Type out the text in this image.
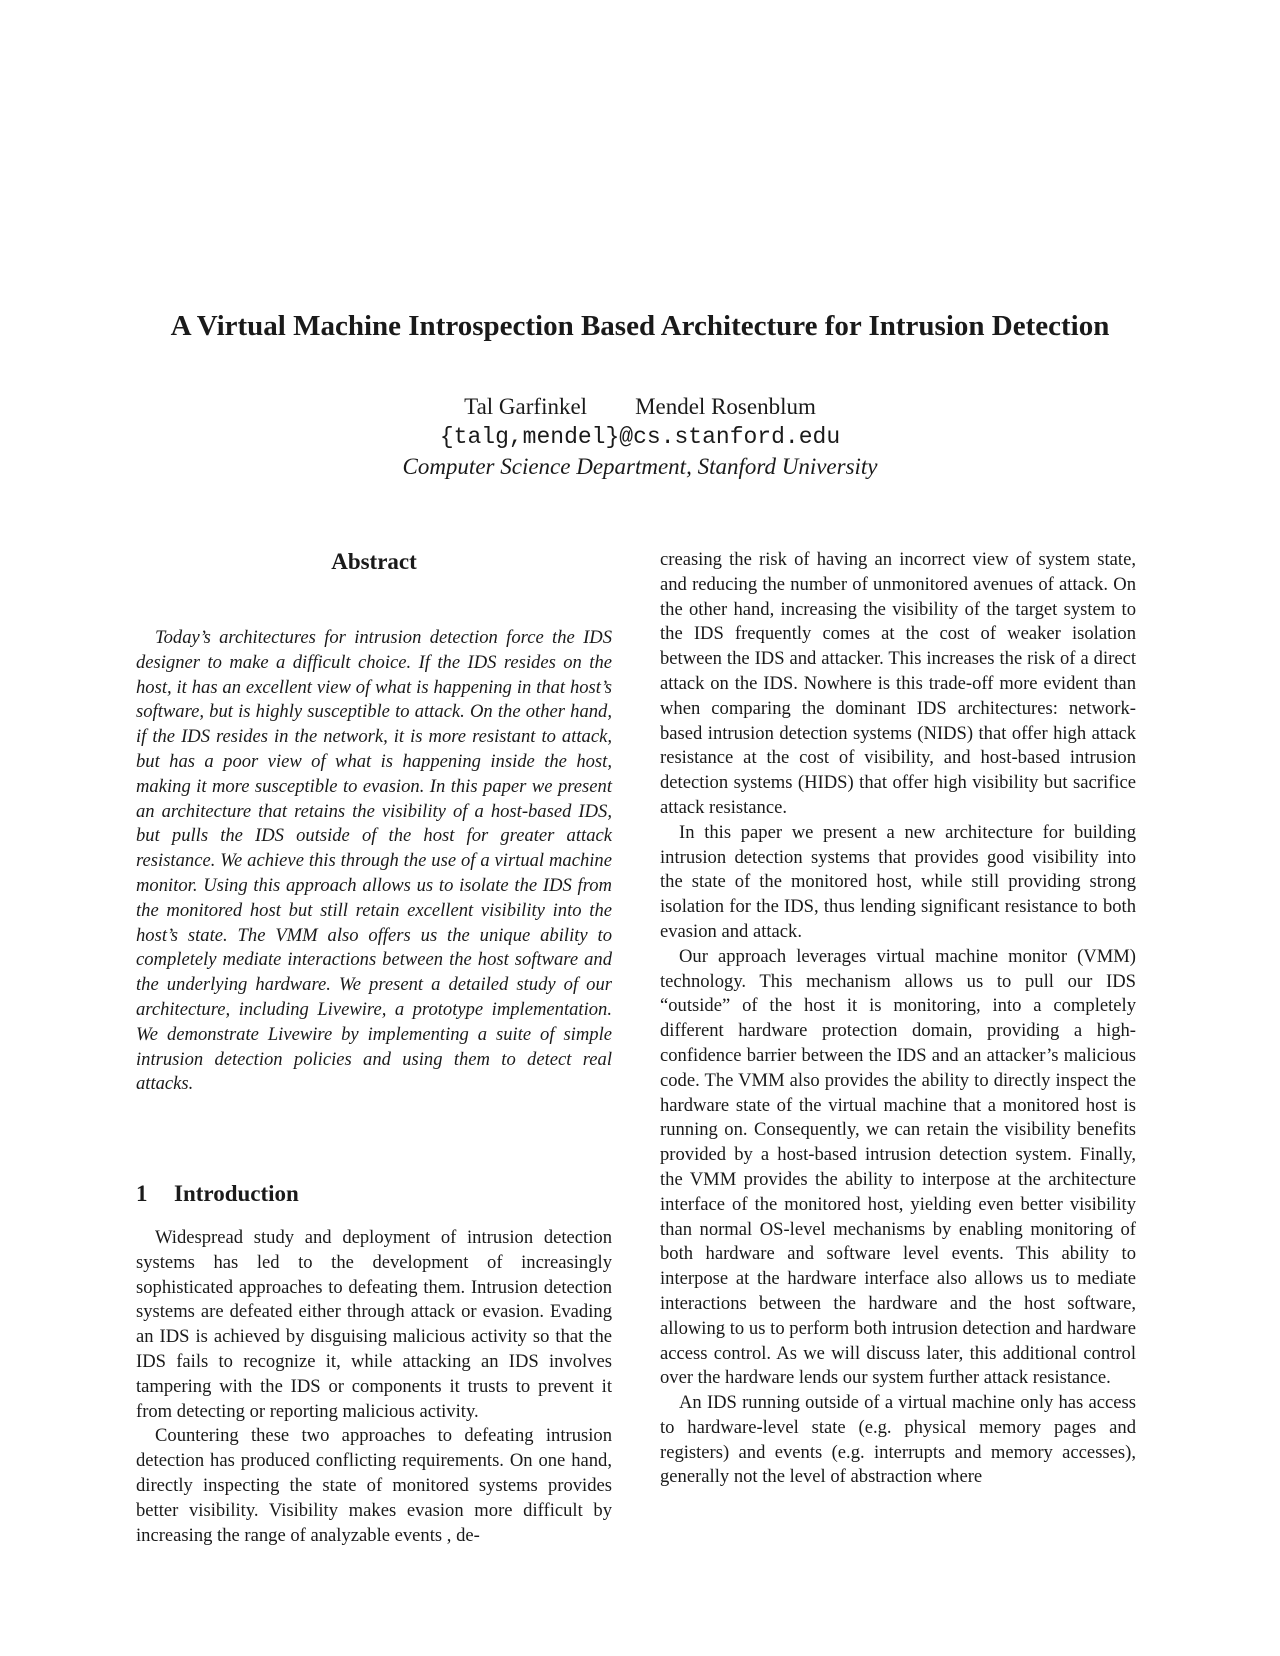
A Virtual Machine Introspection Based Architecture for Intrusion Detection
Tal Garfinkel Mendel Rosenblum
{talg,mendel}@cs.stanford.edu
Computer Science Department, Stanford University
Abstract

Today’s architectures for intrusion detection force the IDS designer to make a difficult choice. If the IDS resides on the host, it has an excellent view of what is happening in that host’s software, but is highly susceptible to attack. On the other hand, if the IDS resides in the network, it is more resistant to attack, but has a poor view of what is happening inside the host, making it more susceptible to evasion. In this paper we present an architecture that retains the visibility of a host-based IDS, but pulls the IDS outside of the host for greater attack resistance. We achieve this through the use of a virtual machine monitor. Using this approach allows us to isolate the IDS from the monitored host but still retain excellent visibility into the host’s state. The VMM also offers us the unique ability to completely mediate interactions between the host software and the underlying hardware. We present a detailed study of our architecture, including Livewire, a prototype implementation. We demonstrate Livewire by implementing a suite of simple intrusion detection policies and using them to detect real attacks.

1 Introduction

Widespread study and deployment of intrusion detection systems has led to the development of increasingly sophisticated approaches to defeating them. Intrusion detection systems are defeated either through attack or evasion. Evading an IDS is achieved by disguising malicious activity so that the IDS fails to recognize it, while attacking an IDS involves tampering with the IDS or components it trusts to prevent it from detecting or reporting malicious activity.

Countering these two approaches to defeating intrusion detection has produced conflicting requirements. On one hand, directly inspecting the state of monitored systems provides better visibility. Visibility makes evasion more difficult by increasing the range of analyzable events , de-

creasing the risk of having an incorrect view of system state, and reducing the number of unmonitored avenues of attack. On the other hand, increasing the visibility of the target system to the IDS frequently comes at the cost of weaker isolation between the IDS and attacker. This increases the risk of a direct attack on the IDS. Nowhere is this trade-off more evident than when comparing the dominant IDS architectures: network-based intrusion detection systems (NIDS) that offer high attack resistance at the cost of visibility, and host-based intrusion detection systems (HIDS) that offer high visibility but sacrifice attack resistance.

In this paper we present a new architecture for building intrusion detection systems that provides good visibility into the state of the monitored host, while still providing strong isolation for the IDS, thus lending significant resistance to both evasion and attack.

Our approach leverages virtual machine monitor (VMM) technology. This mechanism allows us to pull our IDS “outside” of the host it is monitoring, into a completely different hardware protection domain, providing a high-confidence barrier between the IDS and an attacker’s malicious code. The VMM also provides the ability to directly inspect the hardware state of the virtual machine that a monitored host is running on. Consequently, we can retain the visibility benefits provided by a host-based intrusion detection system. Finally, the VMM provides the ability to interpose at the architecture interface of the monitored host, yielding even better visibility than normal OS-level mechanisms by enabling monitoring of both hardware and software level events. This ability to interpose at the hardware interface also allows us to mediate interactions between the hardware and the host software, allowing to us to perform both intrusion detection and hardware access control. As we will discuss later, this additional control over the hardware lends our system further attack resistance.

An IDS running outside of a virtual machine only has access to hardware-level state (e.g. physical memory pages and registers) and events (e.g. interrupts and memory accesses), generally not the level of abstraction where
